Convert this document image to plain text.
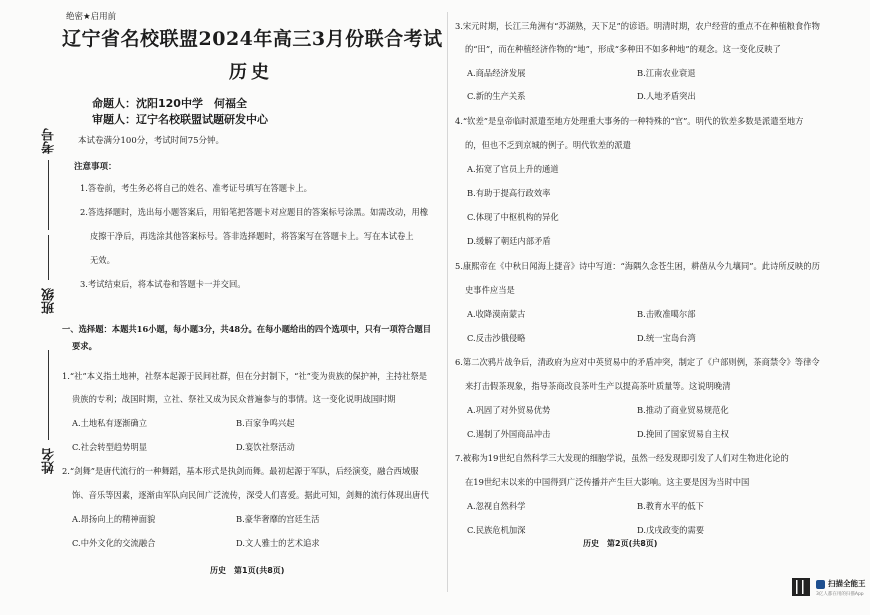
考号
班级
姓名
绝密★启用前
辽宁省名校联盟2024年高三3月份联合考试
历史
命题人：沈阳120中学　何福全
审题人：辽宁名校联盟试题研发中心
本试卷满分100分，考试时间75分钟。
注意事项：
1.答卷前，考生务必将自己的姓名、准考证号填写在答题卡上。
2.答选择题时，选出每小题答案后，用铅笔把答题卡对应题目的答案标号涂黑。如需改动，用橡
皮擦干净后，再选涂其他答案标号。答非选择题时，将答案写在答题卡上。写在本试卷上
无效。
3.考试结束后，将本试卷和答题卡一并交回。
一、选择题：本题共16小题，每小题3分，共48分。在每小题给出的四个选项中，只有一项符合题目
要求。
1.“社”本义指土地神，社祭本起源于民间社群，但在分封制下，“社”变为贵族的保护神，主持社祭是
贵族的专利；战国时期，立社、祭社又成为民众普遍参与的事情。这一变化说明战国时期
A.土地私有逐渐确立	B.百家争鸣兴起
C.社会转型趋势明显	D.宴饮社祭活动
2.“剑舞”是唐代流行的一种舞蹈，基本形式是执剑而舞。最初起源于军队，后经演变，融合西域服
饰、音乐等因素，逐渐由军队向民间广泛流传，深受人们喜爱。据此可知，剑舞的流行体现出唐代
A.昂扬向上的精神面貌	B.豪华奢靡的宫廷生活
C.中外文化的交流融合	D.文人雅士的艺术追求
历史　第1页(共8页)
3.宋元时期，长江三角洲有“苏湖熟，天下足”的谚语。明清时期，农户经营的重点不在种植粮食作物
的“田”，而在种植经济作物的“地”，形成“多种田不如多种地”的观念。这一变化反映了
A.商品经济发展	B.江南农业衰退
C.新的生产关系	D.人地矛盾突出
4.“钦差”是皇帝临时派遣至地方处理重大事务的一种特殊的“官”。明代的钦差多数是派遣至地方
的，但也不乏到京城的例子。明代钦差的派遣
A.拓宽了官员上升的通道
B.有助于提高行政效率
C.体现了中枢机构的异化
D.缓解了朝廷内部矛盾
5.康熙帝在《中秋日闻海上捷音》诗中写道：“海隅久念苍生困，耕凿从今九壤同”。此诗所反映的历
史事件应当是
A.收降漠南蒙古	B.击败准噶尔部
C.反击沙俄侵略	D.统一宝岛台湾
6.第二次鸦片战争后，清政府为应对中英贸易中的矛盾冲突，制定了《户部则例，茶商禁令》等律令
来打击假茶现象，指导茶商改良茶叶生产以提高茶叶质量等。这说明晚清
A.巩固了对外贸易优势	B.推动了商业贸易规范化
C.遏制了外国商品冲击	D.挽回了国家贸易自主权
7.被称为19世纪自然科学三大发现的细胞学说，虽然一经发现即引发了人们对生物进化论的
在19世纪末以来的中国得到广泛传播并产生巨大影响。这主要是因为当时中国
A.忽视自然科学	B.教育水平的低下
C.民族危机加深	D.戊戌政变的需要
历史　第2页(共8页)
扫描全能王
3亿人都在用的扫描App
